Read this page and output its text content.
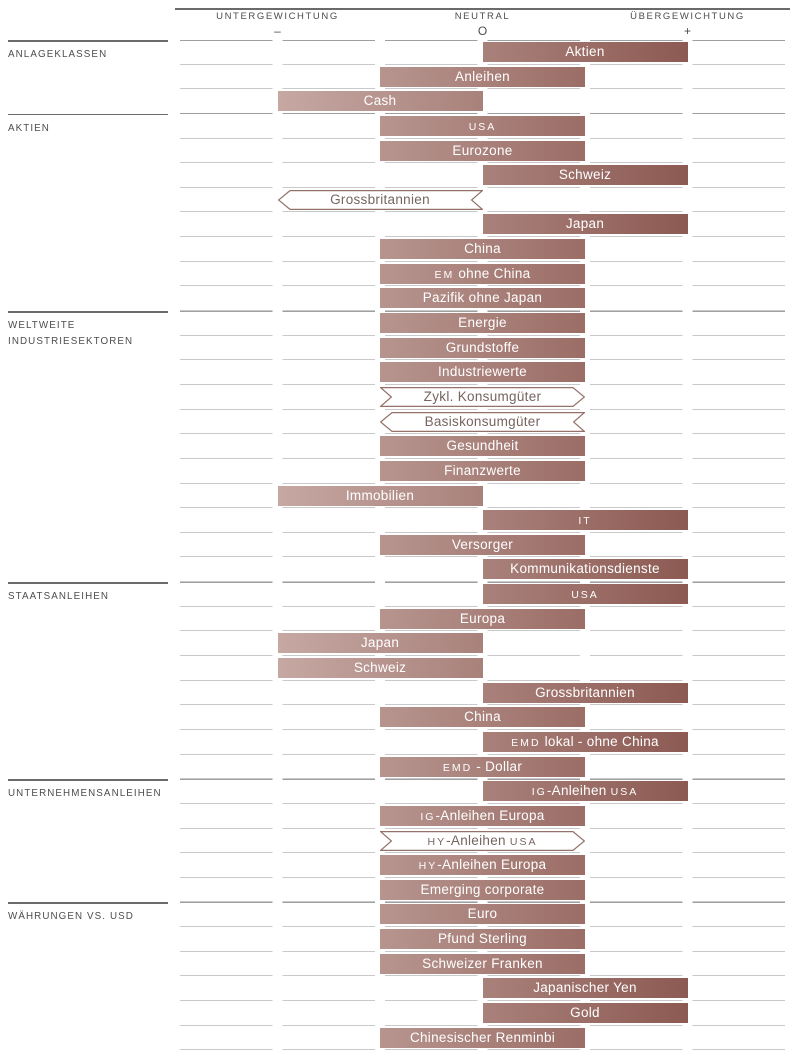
UNTERGEWICHTUNG	NEUTRAL	ÜBERGEWICHTUNG
–	O	+
ANLAGEKLASSEN	Aktien
Anleihen
Cash
AKTIEN	USA
Eurozone
Schweiz
Grossbritannien
Japan
China
EM ohne China
Pazifik ohne Japan
WELTWEITE INDUSTRIESEKTOREN
Energie
Grundstoffe
Industriewerte
Zykl. Konsumgüter
Basiskonsumgüter
Gesundheit
Finanzwerte
Immobilien
IT
Versorger
Kommunikationsdienste
STAATSANLEIHEN	USA
Europa
Japan
Schweiz
Grossbritannien
China
EMD lokal - ohne China
EMD - Dollar
UNTERNEHMENSANLEIHEN	IG-Anleihen USA
IG-Anleihen Europa
HY-Anleihen USA
HY-Anleihen Europa
Emerging corporate
WÄHRUNGEN VS. USD	Euro
Pfund Sterling
Schweizer Franken
Japanischer Yen
Gold
Chinesischer Renminbi
